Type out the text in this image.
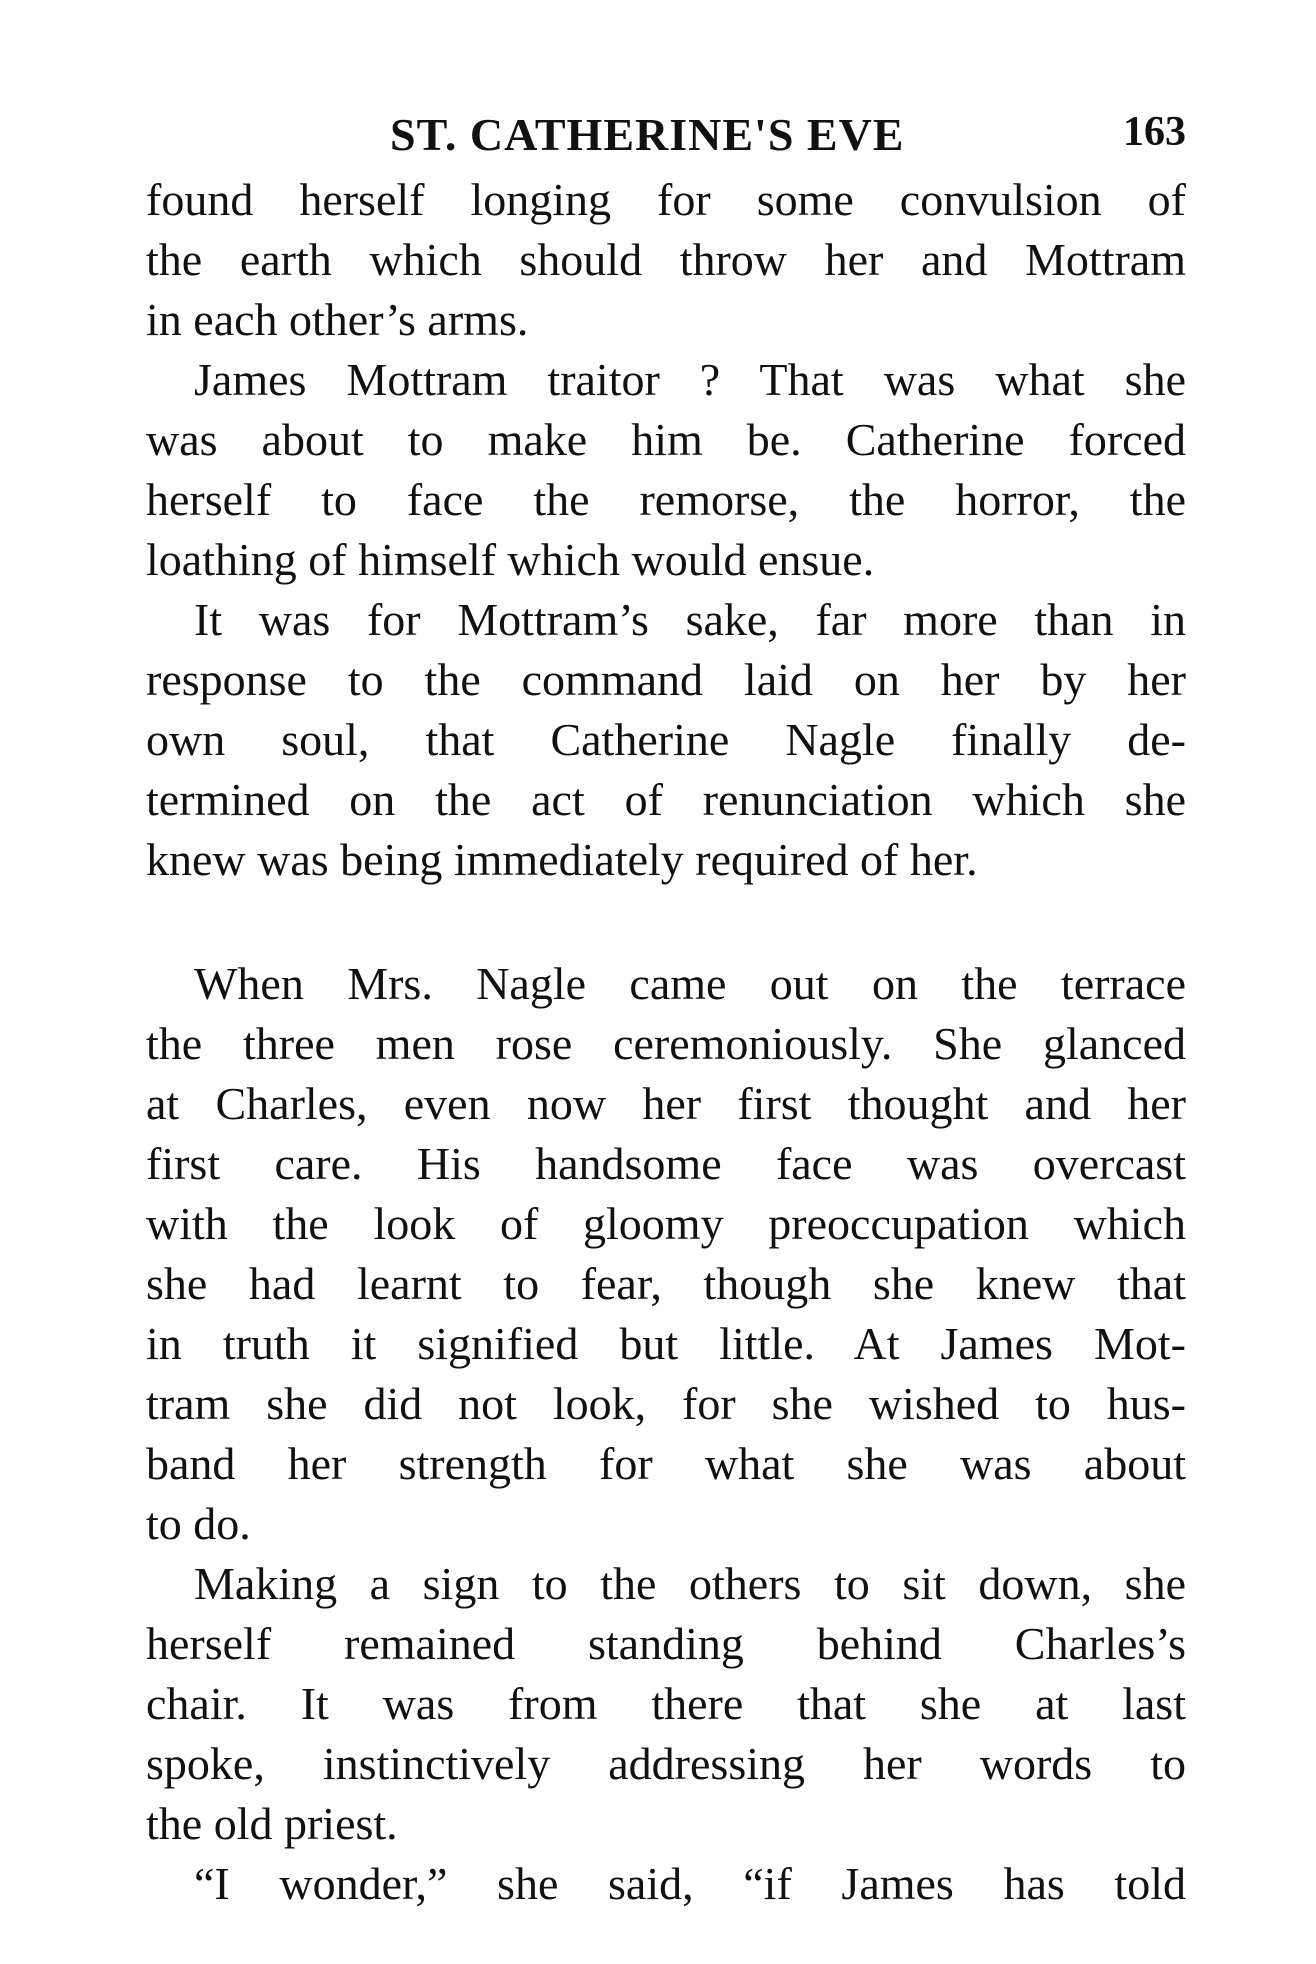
ST. CATHERINE'S EVE	163
found herself longing for some convulsion of
the earth which should throw her and Mottram
in each other’s arms.
James Mottram traitor ? That was what she
was about to make him be. Catherine forced
herself to face the remorse, the horror, the
loathing of himself which would ensue.
It was for Mottram’s sake, far more than in
response to the command laid on her by her
own soul, that Catherine Nagle finally de-
termined on the act of renunciation which she
knew was being immediately required of her.
When Mrs. Nagle came out on the terrace
the three men rose ceremoniously. She glanced
at Charles, even now her first thought and her
first care. His handsome face was overcast
with the look of gloomy preoccupation which
she had learnt to fear, though she knew that
in truth it signified but little. At James Mot-
tram she did not look, for she wished to hus-
band her strength for what she was about
to do.
Making a sign to the others to sit down, she
herself remained standing behind Charles’s
chair. It was from there that she at last
spoke, instinctively addressing her words to
the old priest.
“I wonder,” she said, “if James has told
